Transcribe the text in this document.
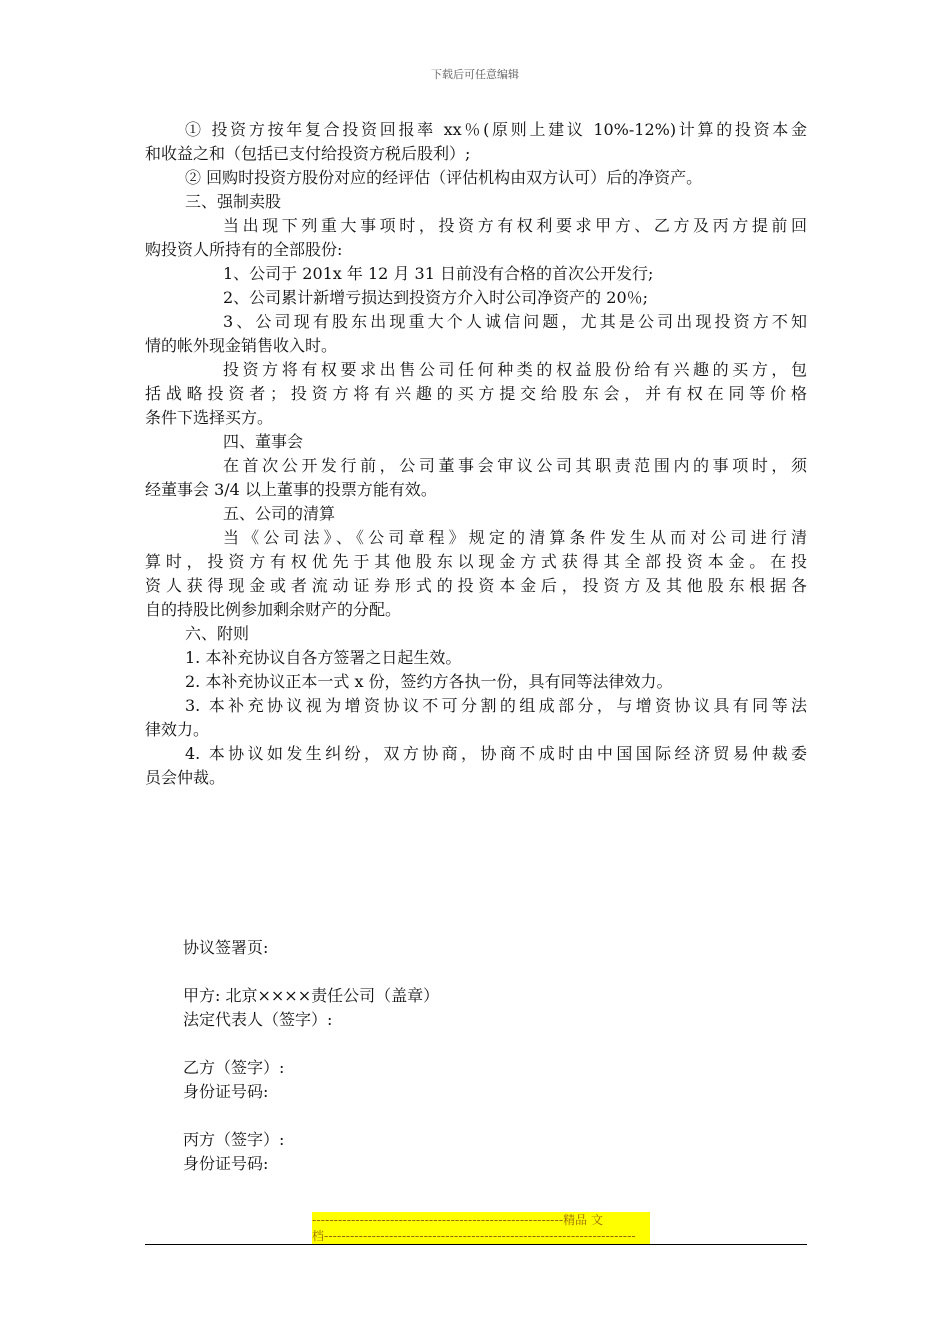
下载后可任意编辑
① 投资方按年复合投资回报率 xx％(原则上建议 10%-12%)计算的投资本金
和收益之和（包括已支付给投资方税后股利）;
② 回购时投资方股份对应的经评估（评估机构由双方认可）后的净资产。
三、强制卖股
当出现下列重大事项时，投资方有权利要求甲方、乙方及丙方提前回
购投资人所持有的全部股份:
1、公司于 201x 年 12 月 31 日前没有合格的首次公开发行;
2、公司累计新增亏损达到投资方介入时公司净资产的 20％;
3、公司现有股东出现重大个人诚信问题，尤其是公司出现投资方不知
情的帐外现金销售收入时。
投资方将有权要求出售公司任何种类的权益股份给有兴趣的买方，包
括战略投资者；投资方将有兴趣的买方提交给股东会，并有权在同等价格
条件下选择买方。
四、董事会
在首次公开发行前，公司董事会审议公司其职责范围内的事项时，须
经董事会 3/4 以上董事的投票方能有效。
五、公司的清算
当《公司法》、《公司章程》规定的清算条件发生从而对公司进行清
算时，投资方有权优先于其他股东以现金方式获得其全部投资本金。在投
资人获得现金或者流动证券形式的投资本金后，投资方及其他股东根据各
自的持股比例参加剩余财产的分配。
六、附则
1. 本补充协议自各方签署之日起生效。
2. 本补充协议正本一式 x 份，签约方各执一份，具有同等法律效力。
3. 本补充协议视为增资协议不可分割的组成部分，与增资协议具有同等法
律效力。
4. 本协议如发生纠纷，双方协商，协商不成时由中国国际经济贸易仲裁委
员会仲裁。
协议签署页:
甲方: 北京××××责任公司（盖章）
法定代表人（签字）:
乙方（签字）:
身份证号码:
丙方（签字）:
身份证号码:
----------------------------------------------------------精品 文
档------------------------------------------------------------------------
